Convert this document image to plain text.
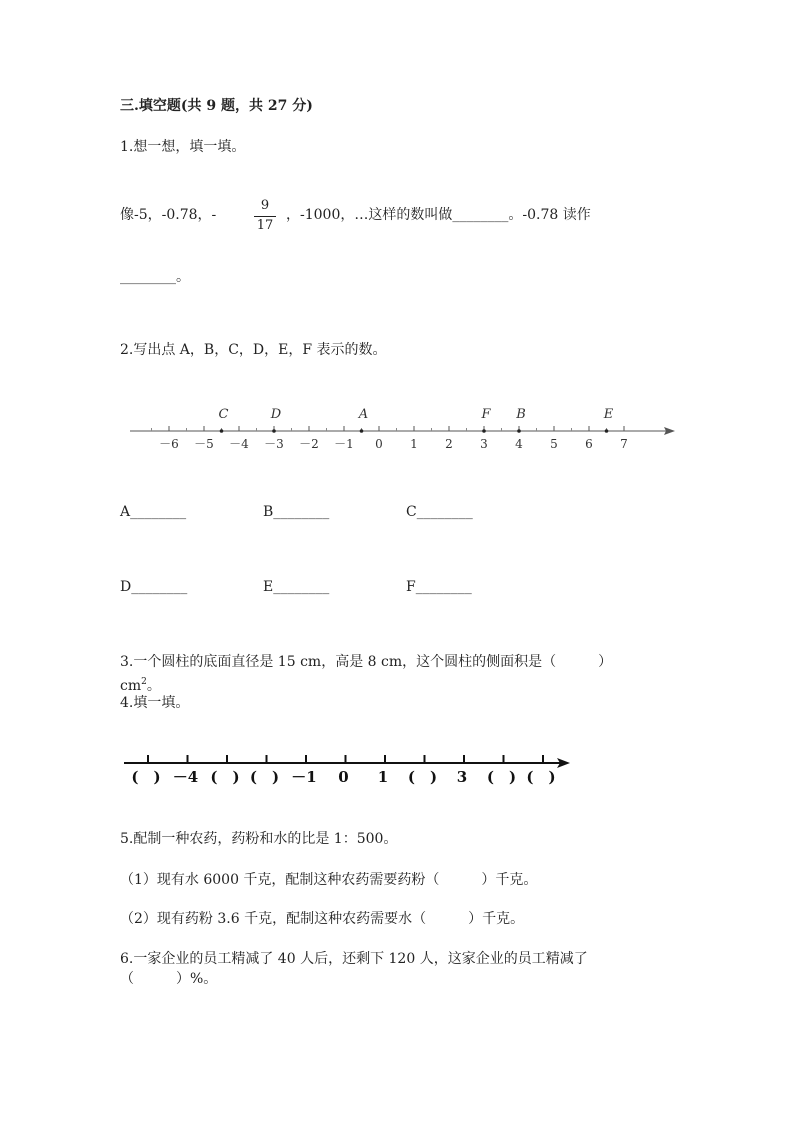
三.填空题(共 9 题，共 27 分)
1.想一想，填一填。
像-5，-0.78，-
9
17
，-1000，…这样的数叫做________。-0.78 读作
________。
2.写出点 A，B，C，D，E，F 表示的数。
－6 －5 －4 －3 －2 －1 0 1 2 3 4 5 6 7
C	D	A	F B	E
A________	B________	C________
D________	E________	F________
3.一个圆柱的底面直径是 15 cm，高是 8 cm，这个圆柱的侧面积是（　　　）
$cm^2$。
4.填一填。
(　) －4 (　) (　) －1 0 1 (　) 3 (　) (　)
5.配制一种农药，药粉和水的比是 1：500。
（1）现有水 6000 千克，配制这种农药需要药粉（　　　）千克。
（2）现有药粉 3.6 千克，配制这种农药需要水（　　　）千克。
6.一家企业的员工精减了 40 人后，还剩下 120 人，这家企业的员工精减了
（　　　）%。
